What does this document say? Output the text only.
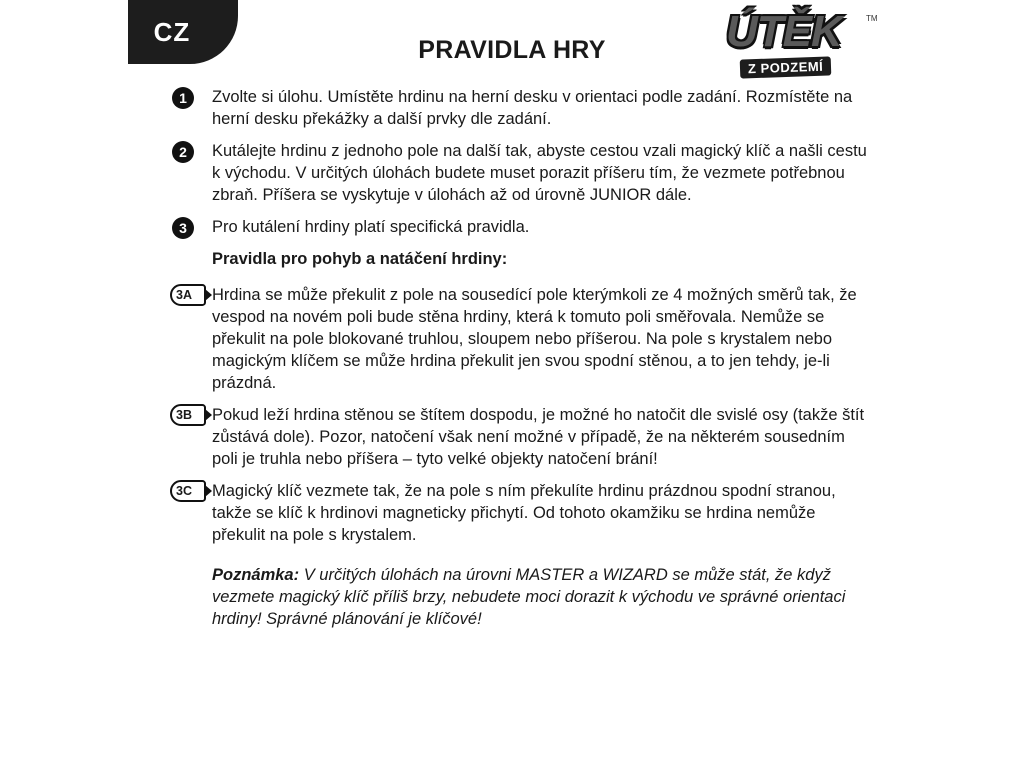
CZ
PRAVIDLA HRY	ÚTĚK
Z PODZEMÍ
TM
1	Zvolte si úlohu. Umístěte hrdinu na herní desku v orientaci podle zadání. Rozmístěte na herní desku překážky a další prvky dle zadání.
2	Kutálejte hrdinu z jednoho pole na další tak, abyste cestou vzali magický klíč a našli cestu k východu. V určitých úlohách budete muset porazit příšeru tím, že vezmete potřebnou zbraň. Příšera se vyskytuje v úlohách až od úrovně JUNIOR dále.
3	Pro kutálení hrdiny platí specifická pravidla.
Pravidla pro pohyb a natáčení hrdiny:
3A	Hrdina se může překulit z pole na sousedící pole kterýmkoli ze 4 možných směrů tak, že vespod na novém poli bude stěna hrdiny, která k tomuto poli směřovala. Nemůže se překulit na pole blokované truhlou, sloupem nebo příšerou. Na pole s krystalem nebo magickým klíčem se může hrdina překulit jen svou spodní stěnou, a to jen tehdy, je-li prázdná.
3B	Pokud leží hrdina stěnou se štítem dospodu, je možné ho natočit dle svislé osy (takže štít zůstává dole). Pozor, natočení však není možné v případě, že na některém sousedním poli je truhla nebo příšera – tyto velké objekty natočení brání!
3C	Magický klíč vezmete tak, že na pole s ním překulíte hrdinu prázdnou spodní stranou, takže se klíč k hrdinovi magneticky přichytí. Od tohoto okamžiku se hrdina nemůže překulit na pole s krystalem.
Poznámka: V určitých úlohách na úrovni MASTER a WIZARD se může stát, že když vezmete magický klíč příliš brzy, nebudete moci dorazit k východu ve správné orientaci hrdiny! Správné plánování je klíčové!
